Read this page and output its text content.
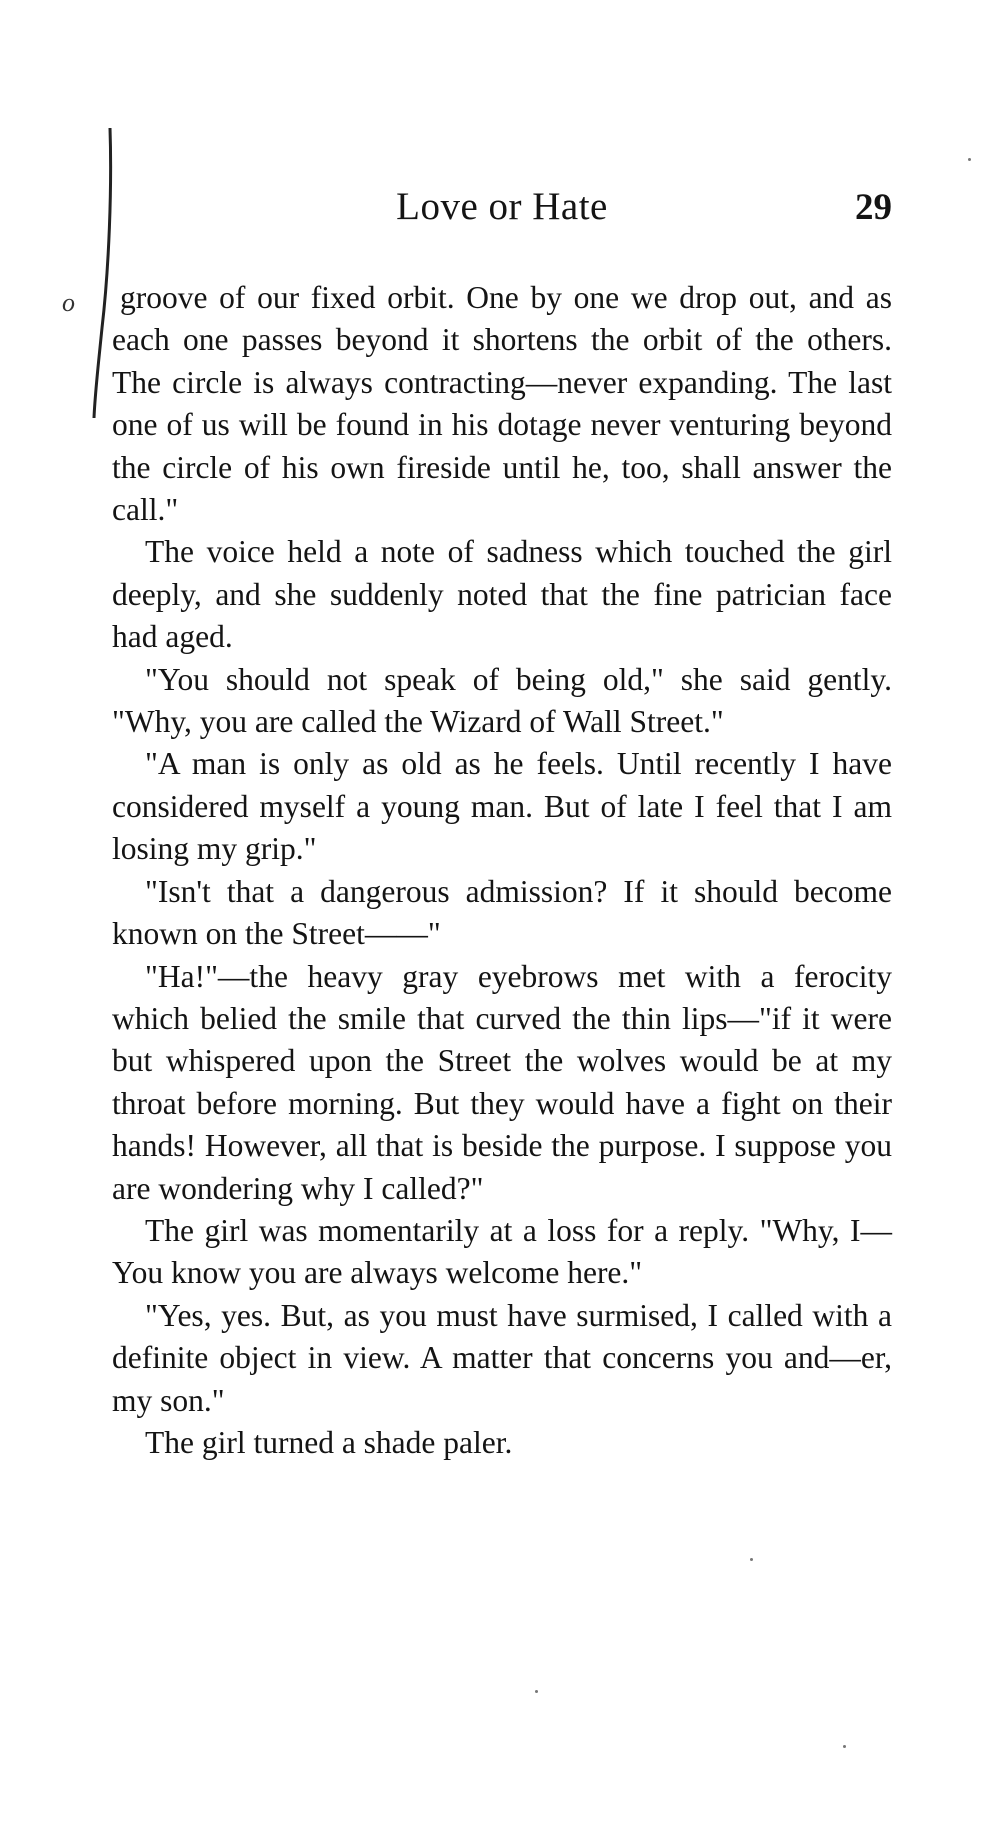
o
Love or Hate	29

groove of our fixed orbit. One by one we drop out, and as each one passes beyond it shortens the orbit of the others. The circle is always contracting—never expanding. The last one of us will be found in his dotage never venturing beyond the circle of his own fireside until he, too, shall answer the call."

The voice held a note of sadness which touched the girl deeply, and she suddenly noted that the fine patrician face had aged.

"You should not speak of being old," she said gently. "Why, you are called the Wizard of Wall Street."

"A man is only as old as he feels. Until recently I have considered myself a young man. But of late I feel that I am losing my grip."

"Isn't that a dangerous admission? If it should become known on the Street——"

"Ha!"—the heavy gray eyebrows met with a ferocity which belied the smile that curved the thin lips—"if it were but whispered upon the Street the wolves would be at my throat before morning. But they would have a fight on their hands! However, all that is beside the purpose. I suppose you are wondering why I called?"

The girl was momentarily at a loss for a reply. "Why, I— You know you are always welcome here."

"Yes, yes. But, as you must have surmised, I called with a definite object in view. A matter that concerns you and—er, my son."

The girl turned a shade paler.
